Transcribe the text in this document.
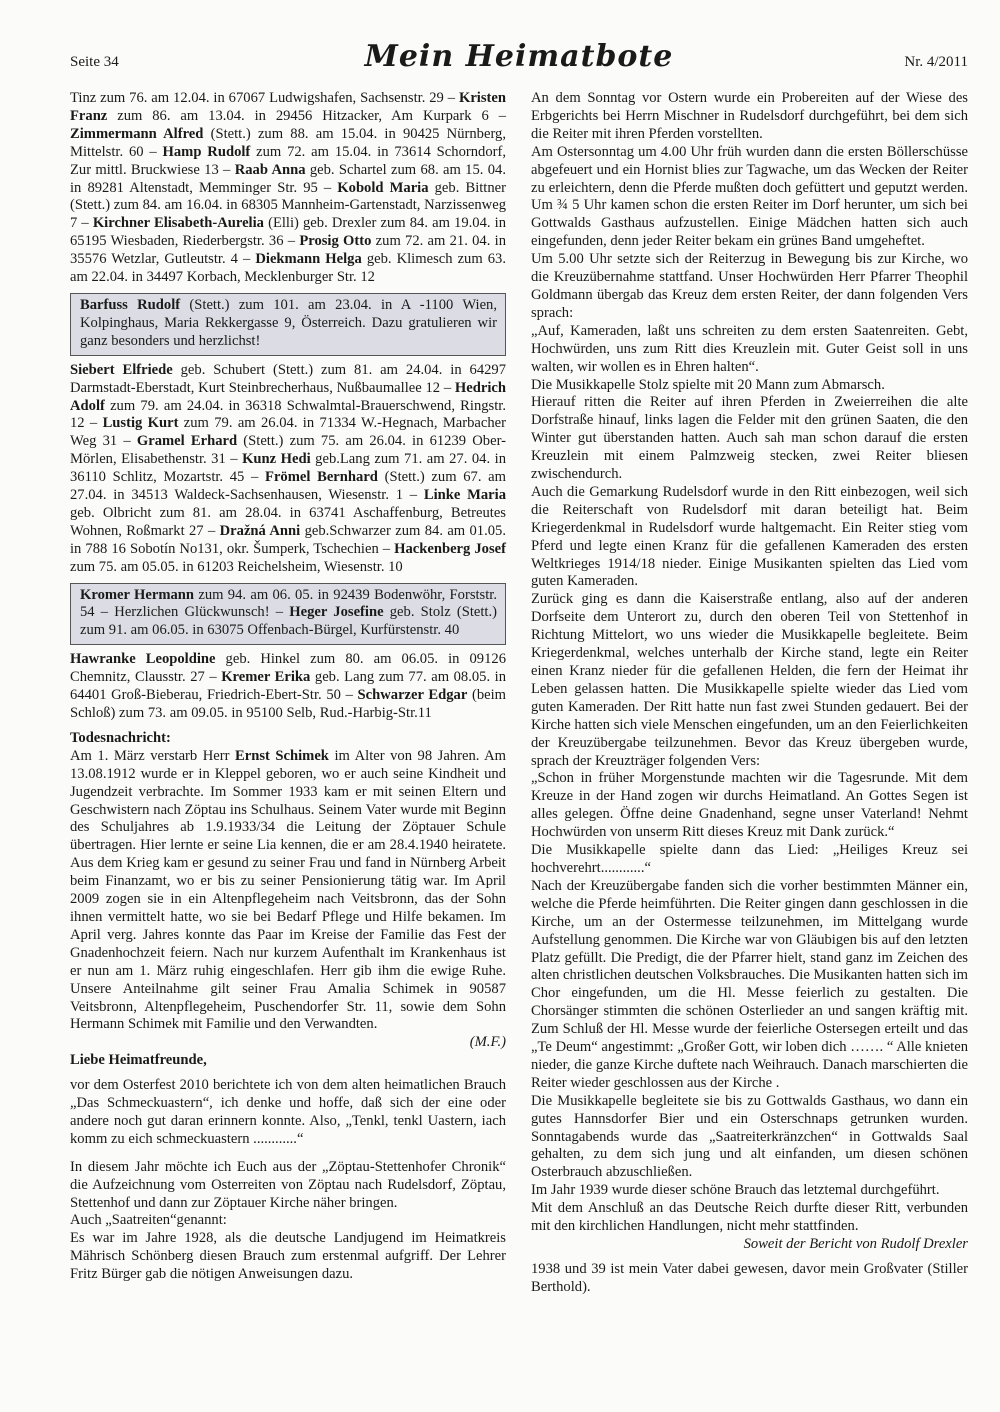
Seite 34	Mein Heimatbote	Nr. 4/2011

Tinz zum 76. am 12.04. in 67067 Ludwigshafen, Sachsenstr. 29 – Kristen Franz zum 86. am 13.04. in 29456 Hitzacker, Am Kurpark 6 – Zimmermann Alfred (Stett.) zum 88. am 15.04. in 90425 Nürnberg, Mittelstr. 60 – Hamp Rudolf zum 72. am 15.04. in 73614 Schorndorf, Zur mittl. Bruckwiese 13 – Raab Anna geb. Schartel zum 68. am 15. 04. in 89281 Altenstadt, Memminger Str. 95 – Kobold Maria geb. Bittner (Stett.) zum 84. am 16.04. in 68305 Mannheim-Gartenstadt, Narzissenweg 7 – Kirchner Elisabeth-Aurelia (Elli) geb. Drexler zum 84. am 19.04. in 65195 Wiesbaden, Riederbergstr. 36 – Prosig Otto zum 72. am 21. 04. in 35576 Wetzlar, Gutleutstr. 4 – Diekmann Helga geb. Klimesch zum 63. am 22.04. in 34497 Korbach, Mecklenburger Str. 12

Barfuss Rudolf (Stett.) zum 101. am 23.04. in A -1100 Wien, Kolpinghaus, Maria Rekkergasse 9, Österreich. Dazu gratulieren wir ganz besonders und herzlichst!

Siebert Elfriede geb. Schubert (Stett.) zum 81. am 24.04. in 64297 Darmstadt-Eberstadt, Kurt Steinbrecherhaus, Nußbaumallee 12 – Hedrich Adolf zum 79. am 24.04. in 36318 Schwalmtal-Brauerschwend, Ringstr. 12 – Lustig Kurt zum 79. am 26.04. in 71334 W.-Hegnach, Marbacher Weg 31 – Gramel Erhard (Stett.) zum 75. am 26.04. in 61239 Ober-Mörlen, Elisabethenstr. 31 – Kunz Hedi geb.Lang zum 71. am 27. 04. in 36110 Schlitz, Mozartstr. 45 – Frömel Bernhard (Stett.) zum 67. am 27.04. in 34513 Waldeck-Sachsenhausen, Wiesenstr. 1 – Linke Maria geb. Olbricht zum 81. am 28.04. in 63741 Aschaffenburg, Betreutes Wohnen, Roßmarkt 27 – Dražná Anni geb.Schwarzer zum 84. am 01.05. in 788 16 Sobotín No131, okr. Šumperk, Tschechien – Hackenberg Josef zum 75. am 05.05. in 61203 Reichelsheim, Wiesenstr. 10

Kromer Hermann zum 94. am 06. 05. in 92439 Bodenwöhr, Forststr. 54 – Herzlichen Glückwunsch! – Heger Josefine geb. Stolz (Stett.) zum 91. am 06.05. in 63075 Offenbach-Bürgel, Kurfürstenstr. 40

Hawranke Leopoldine geb. Hinkel zum 80. am 06.05. in 09126 Chemnitz, Clausstr. 27 – Kremer Erika geb. Lang zum 77. am 08.05. in 64401 Groß-Bieberau, Friedrich-Ebert-Str. 50 – Schwarzer Edgar (beim Schloß) zum 73. am 09.05. in 95100 Selb, Rud.-Harbig-Str.11

Todesnachricht:

Am 1. März verstarb Herr Ernst Schimek im Alter von 98 Jahren. Am 13.08.1912 wurde er in Kleppel geboren, wo er auch seine Kindheit und Jugendzeit verbrachte. Im Sommer 1933 kam er mit seinen Eltern und Geschwistern nach Zöptau ins Schulhaus. Seinem Vater wurde mit Beginn des Schuljahres ab 1.9.1933/34 die Leitung der Zöptauer Schule übertragen. Hier lernte er seine Lia kennen, die er am 28.4.1940 heiratete. Aus dem Krieg kam er gesund zu seiner Frau und fand in Nürnberg Arbeit beim Finanzamt, wo er bis zu seiner Pensionierung tätig war. Im April 2009 zogen sie in ein Altenpflegeheim nach Veitsbronn, das der Sohn ihnen vermittelt hatte, wo sie bei Bedarf Pflege und Hilfe bekamen. Im April verg. Jahres konnte das Paar im Kreise der Familie das Fest der Gnadenhochzeit feiern. Nach nur kurzem Aufenthalt im Krankenhaus ist er nun am 1. März ruhig eingeschlafen. Herr gib ihm die ewige Ruhe. Unsere Anteilnahme gilt seiner Frau Amalia Schimek in 90587 Veitsbronn, Altenpflegeheim, Puschendorfer Str. 11, sowie dem Sohn Hermann Schimek mit Familie und den Verwandten.

(M.F.)

Liebe Heimatfreunde,

vor dem Osterfest 2010 berichtete ich von dem alten heimatlichen Brauch „Das Schmeckuastern“, ich denke und hoffe, daß sich der eine oder andere noch gut daran erinnern konnte. Also, „Tenkl, tenkl Uastern, iach komm zu eich schmeckuastern ............“

In diesem Jahr möchte ich Euch aus der „Zöptau-Stettenhofer Chronik“ die Aufzeichnung vom Osterreiten von Zöptau nach Rudelsdorf, Zöptau, Stettenhof und dann zur Zöptauer Kirche näher bringen.

Auch „Saatreiten“genannt:

Es war im Jahre 1928, als die deutsche Landjugend im Heimatkreis Mährisch Schönberg diesen Brauch zum erstenmal aufgriff. Der Lehrer Fritz Bürger gab die nötigen Anweisungen dazu.

An dem Sonntag vor Ostern wurde ein Probereiten auf der Wiese des Erbgerichts bei Herrn Mischner in Rudelsdorf durchgeführt, bei dem sich die Reiter mit ihren Pferden vorstellten.

Am Ostersonntag um 4.00 Uhr früh wurden dann die ersten Böllerschüsse abgefeuert und ein Hornist blies zur Tagwache, um das Wecken der Reiter zu erleichtern, denn die Pferde mußten doch gefüttert und geputzt werden. Um ¾ 5 Uhr kamen schon die ersten Reiter im Dorf herunter, um sich bei Gottwalds Gasthaus aufzustellen. Einige Mädchen hatten sich auch eingefunden, denn jeder Reiter bekam ein grünes Band umgeheftet.

Um 5.00 Uhr setzte sich der Reiterzug in Bewegung bis zur Kirche, wo die Kreuzübernahme stattfand. Unser Hochwürden Herr Pfarrer Theophil Goldmann übergab das Kreuz dem ersten Reiter, der dann folgenden Vers sprach:

„Auf, Kameraden, laßt uns schreiten zu dem ersten Saatenreiten. Gebt, Hochwürden, uns zum Ritt dies Kreuzlein mit. Guter Geist soll in uns walten, wir wollen es in Ehren halten“.

Die Musikkapelle Stolz spielte mit 20 Mann zum Abmarsch.

Hierauf ritten die Reiter auf ihren Pferden in Zweierreihen die alte Dorfstraße hinauf, links lagen die Felder mit den grünen Saaten, die den Winter gut überstanden hatten. Auch sah man schon darauf die ersten Kreuzlein mit einem Palmzweig stecken, zwei Reiter bliesen zwischendurch.

Auch die Gemarkung Rudelsdorf wurde in den Ritt einbezogen, weil sich die Reiterschaft von Rudelsdorf mit daran beteiligt hat. Beim Kriegerdenkmal in Rudelsdorf wurde haltgemacht. Ein Reiter stieg vom Pferd und legte einen Kranz für die gefallenen Kameraden des ersten Weltkrieges 1914/18 nieder. Einige Musikanten spielten das Lied vom guten Kameraden.

Zurück ging es dann die Kaiserstraße entlang, also auf der anderen Dorfseite dem Unterort zu, durch den oberen Teil von Stettenhof in Richtung Mittelort, wo uns wieder die Musikkapelle begleitete. Beim Kriegerdenkmal, welches unterhalb der Kirche stand, legte ein Reiter einen Kranz nieder für die gefallenen Helden, die fern der Heimat ihr Leben gelassen hatten. Die Musikkapelle spielte wieder das Lied vom guten Kameraden. Der Ritt hatte nun fast zwei Stunden gedauert. Bei der Kirche hatten sich viele Menschen eingefunden, um an den Feierlichkeiten der Kreuzübergabe teilzunehmen. Bevor das Kreuz übergeben wurde, sprach der Kreuzträger folgenden Vers:

„Schon in früher Morgenstunde machten wir die Tagesrunde. Mit dem Kreuze in der Hand zogen wir durchs Heimatland. An Gottes Segen ist alles gelegen. Öffne deine Gnadenhand, segne unser Vaterland! Nehmt Hochwürden von unserm Ritt dieses Kreuz mit Dank zurück.“

Die Musikkapelle spielte dann das Lied: „Heiliges Kreuz sei hochverehrt............“

Nach der Kreuzübergabe fanden sich die vorher bestimmten Männer ein, welche die Pferde heimführten. Die Reiter gingen dann geschlossen in die Kirche, um an der Ostermesse teilzunehmen, im Mittelgang wurde Aufstellung genommen. Die Kirche war von Gläubigen bis auf den letzten Platz gefüllt. Die Predigt, die der Pfarrer hielt, stand ganz im Zeichen des alten christlichen deutschen Volksbrauches. Die Musikanten hatten sich im Chor eingefunden, um die Hl. Messe feierlich zu gestalten. Die Chorsänger stimmten die schönen Osterlieder an und sangen kräftig mit. Zum Schluß der Hl. Messe wurde der feierliche Ostersegen erteilt und das „Te Deum“ angestimmt: „Großer Gott, wir loben dich ……. “ Alle knieten nieder, die ganze Kirche duftete nach Weihrauch. Danach marschierten die Reiter wieder geschlossen aus der Kirche .

Die Musikkapelle begleitete sie bis zu Gottwalds Gasthaus, wo dann ein gutes Hannsdorfer Bier und ein Osterschnaps getrunken wurden. Sonntagabends wurde das „Saatreiterkränzchen“ in Gottwalds Saal gehalten, zu dem sich jung und alt einfanden, um diesen schönen Osterbrauch abzuschließen.

Im Jahr 1939 wurde dieser schöne Brauch das letztemal durchgeführt.

Mit dem Anschluß an das Deutsche Reich durfte dieser Ritt, verbunden mit den kirchlichen Handlungen, nicht mehr stattfinden.

Soweit der Bericht von Rudolf Drexler

1938 und 39 ist mein Vater dabei gewesen, davor mein Großvater (Stiller Berthold).
